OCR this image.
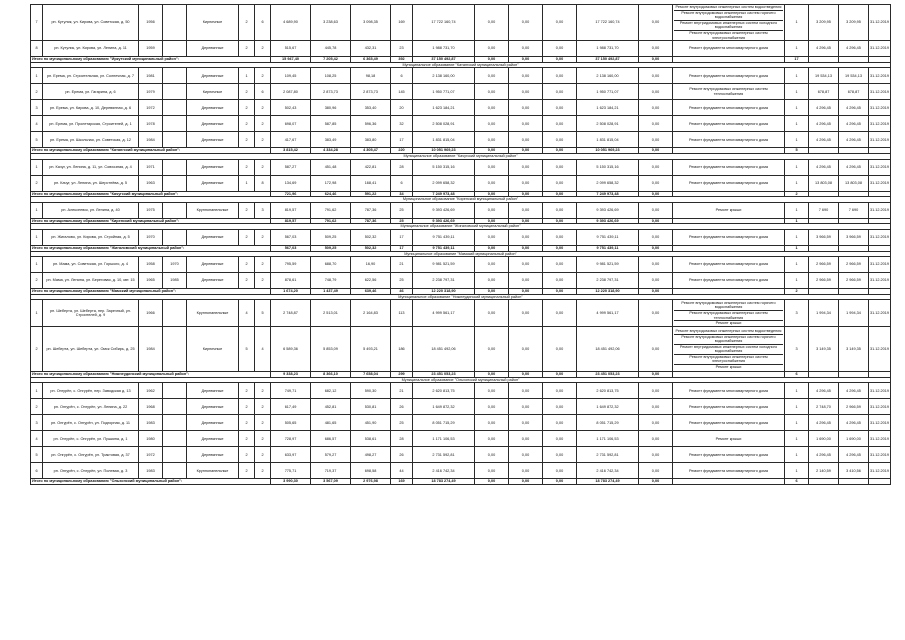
7	рп. Кутулик, ул. Кирова, ул. Советская, д. 50	1956		Кирпичные	2	6	4 689,90	3 238,63	3 098,35	169	17 722 160,74	0,00	0,00	0,00	17 722 160,74	0,00	Ремонт внутридомовых инженерных систем водоотведения
Ремонт внутридомовых инженерных систем горячего водоснабжения
Ремонт внутридомовых инженерных систем холодного водоснабжения
Ремонт внутридомовых инженерных систем электроснабжения	1	3 209,95	3 209,95	31.12.2019
8	рп. Кутулик, ул. Кирова, ул. Ленина, д. 11	1959		Деревянные	2	2	515,67	445,78	432,31	23	1 988 731,70	0,00	0,00	0,00	1 988 731,70	0,00	Ремонт фундамента многоквартирного дома	1	4 296,45	4 296,45	31.12.2019
Итого по муниципальному образованию "Иркутский муниципальный район":							15 947,40	7 205,42	6 365,49	392	37 150 492,87	0,00	0,00	0,00	37 150 492,87	0,00		17			
Муниципальное образование "Катангский муниципальный район"																					
1	рп. Ерема, ул. Строительная, ул. Солнечная, д. 7	1981		Деревянные	1	2	109,45	108,25	98,18	6	2 138 160,00	0,00	0,00	0,00	2 138 160,00	0,00	Ремонт фундамента многоквартирного дома	1	19 534,13	19 534,13	31.12.2019
2	рп. Ерема, ул. Гагарина, д. 6	1979		Кирпичные	2	6	2 087,80	2 873,73	2 873,73	145	1 950 771,07	0,00	0,00	0,00	1 950 771,07	0,00	Ремонт внутридомовых инженерных систем теплоснабжения	1	678,87	678,87	31.12.2019
3	рп. Ерема, ул. Кирова, д. 10, Деревянная, д. 6	1972		Деревянные	2	2	502,43	380,96	353,40	20	1 623 184,21	0,00	0,00	0,00	1 623 184,21	0,00	Ремонт фундамента многоквартирного дома	1	4 296,45	4 296,45	31.12.2019
4	рп. Ерема, ул. Пролетарская, Строителей, д. 1	1978		Деревянные	2	2	698,07	587,85	596,36	32	2 508 028,91	0,00	0,00	0,00	2 508 028,91	0,00	Ремонт фундамента многоквартирного дома	1	4 296,45	4 296,45	31.12.2019
5	рп. Ерема, ул. Школьная, ул. Советская, д. 12	1984		Деревянные	2	2	417,67	383,49	383,80	17	1 831 815,04	0,00	0,00	0,00	1 831 815,04	0,00	Ремонт фундамента многоквартирного дома	1	4 296,45	4 296,45	31.12.2019
Итого по муниципальному образованию "Катангский муниципальный район":							3 815,42	4 334,28	4 305,47	220	10 051 969,23	0,00	0,00	0,00	10 051 969,23	0,00		5			
Муниципальное образование "Качугский муниципальный район"																					
1	рп. Качуг, ул. Ленина, д. 11, ул. Совхозная, д. 4	1971		Деревянные	2	2	587,27	451,48	422,81	28	5 150 315,16	0,00	0,00	0,00	5 150 315,16	0,00	Ремонт фундамента многоквартирного дома	1	4 296,45	4 296,45	31.12.2019
2	рп. Качуг, ул. Ленина, ул. Шерстнёва, д. 5	1963		Деревянные	1	8	134,69	172,98	168,41	6	2 099 658,32	0,00	0,00	0,00	2 099 658,32	0,00	Ремонт фундамента многоквартирного дома	1	13 803,08	13 803,08	31.12.2019
Итого по муниципальному образованию "Качугский муниципальный район":							721,96	624,46	591,22	34	7 249 973,48	0,00	0,00	0,00	7 249 973,48	0,00		2			
Муниципальное образование "Киренский муниципальный район"																					
1	рп. Алексеевск, ул. Ленина, д. 40	1975		Крупнопанельные	2	3	819,57	791,62	787,36	25	9 393 426,69	0,00	0,00	0,00	9 393 426,69	0,00	Ремонт крыши	1	7 690	7 690	31.12.2019
Итого по муниципальному образованию "Киренский муниципальный район":							819,57	791,62	787,36	25	9 393 426,69	0,00	0,00	0,00	9 393 426,69	0,00		1			
Муниципальное образование "Жигаловский муниципальный район"																					
1	рп. Жигалово, ул. Кирова, ул. Стройная, д. 5	1970		Деревянные	2	2	567,03	509,25	502,32	17	9 751 439,11	0,00	0,00	0,00	9 751 439,11	0,00	Ремонт фундамента многоквартирного дома	1	3 966,59	3 966,59	31.12.2019
Итого по муниципальному образованию "Жигаловский муниципальный район":							567,03	509,25	502,32	17	9 751 439,11	0,00	0,00	0,00	9 751 439,11	0,00		1			
Муниципальное образование "Мамский муниципальный район"																					
1	рп. Мама, ул. Советская, ул. Горького, д. 4	1958	1970	Деревянные	2	2	795,59	688,70	16,90	21	9 981 521,59	0,00	0,00	0,00	9 981 521,59	0,00	Ремонт фундамента многоквартирного дома	1	2 966,59	2 966,59	31.12.2019
2	рп. Мама, ул. Ленина, ул. Береговая, д. 10, квт. 15	1965	1985	Деревянные	2	2	878,61	748,79	622,56	25	2 238 797,31	0,00	0,00	0,00	2 238 797,31	0,00	Ремонт фундамента многоквартирного дома	1	2 966,59	2 966,59	31.12.2019
Итого по муниципальному образованию "Мамский муниципальный район":							1 674,20	1 437,49	639,46	46	12 220 318,90	0,00	0,00	0,00	12 220 318,90	0,00		2			
Муниципальное образование "Нижнеудинский муниципальный район"																					
1	рп. Шеберта, ул. Шеберта, пер. Заречный, ул. Строителей, д. 9	1966		Крупнопанельные	4	5	2 748,87	2 513,01	2 164,83	113	4 999 561,17	0,00	0,00	0,00	4 999 561,17	0,00	Ремонт внутридомовых инженерных систем горячего водоснабжения
Ремонт внутридомовых инженерных систем теплоснабжения
Ремонт крыши	3	1 994,34	1 994,34	31.12.2019
2	рп. Шеберта, ул. Шеберта, ул. Омск Сибирь, д. 25	1984		Кирпичные	5	4	6 589,36	5 853,09	5 493,21	186	18 451 492,06	0,00	0,00	0,00	18 451 492,06	0,00	Ремонт внутридомовых инженерных систем водоотведения
Ремонт внутридомовых инженерных систем горячего водоснабжения
Ремонт внутридомовых инженерных систем холодного водоснабжения
Ремонт внутридомовых инженерных систем электроснабжения
Ремонт крыши	3	3 149,35	3 149,35	31.12.2019
Итого по муниципальному образованию "Нижнеудинский муниципальный район":							9 338,23	8 366,10	7 658,04	299	23 451 053,23	0,00	0,00	0,00	23 451 053,23	0,00		6			
Муниципальное образование "Ольхонский муниципальный район"																					
1	рп. Онгурён, с. Онгурён, пер. Заводская д. 13	1962		Деревянные	2	2	749,71	682,12	590,30	21	2 620 813,75	0,00	0,00	0,00	2 620 813,75	0,00	Ремонт фундамента многоквартирного дома	1	4 296,45	4 296,45	31.12.2019
2	рп. Онгурён, с. Онгурён, ул. Ленина, д. 22	1968		Деревянные	2	2	617,49	452,81	530,81	26	1 649 872,32	0,00	0,00	0,00	1 649 872,32	0,00	Ремонт фундамента многоквартирного дома	1	2 748,70	2 966,59	31.12.2019
3	рп. Онгурён, с. Онгурён, ул. Подгорная, д. 11	1983		Деревянные	2	2	505,65	481,65	451,90	25	8 051 715,29	0,00	0,00	0,00	8 051 715,29	0,00	Ремонт фундамента многоквартирного дома	1	4 296,45	4 296,45	31.12.2019
4	рп. Онгурён, с. Онгурён, ул. Пушкина, д. 1	1980		Деревянные	2	2	728,97	686,57	538,61	28	1 171 106,53	0,00	0,00	0,00	1 171 106,53	0,00	Ремонт крыши	1	1 690,00	1 690,00	31.12.2019
5	рп. Онгурён, с. Онгурён, ул. Трактовая, д. 37	1972		Деревянные	2	2	633,97	579,27	498,27	26	2 731 592,81	0,00	0,00	0,00	2 731 592,81	0,00	Ремонт фундамента многоквартирного дома	1	4 296,45	4 296,45	31.12.2019
6	рп. Онгурён, с. Онгурён, ул. Полевая, д. 3	1983		Крупнопанельные	2	2	775,71	719,37	698,58	44	2 416 742,34	0,00	0,00	0,00	2 416 742,34	0,00	Ремонт фундамента многоквартирного дома	1	2 140,59	3 410,56	31.12.2019
Итого по муниципальному образованию "Ольхонский муниципальный район":							3 990,30	3 567,09	2 976,98	169	18 783 274,49	0,00	0,00	0,00	18 783 274,49	0,00		6			
